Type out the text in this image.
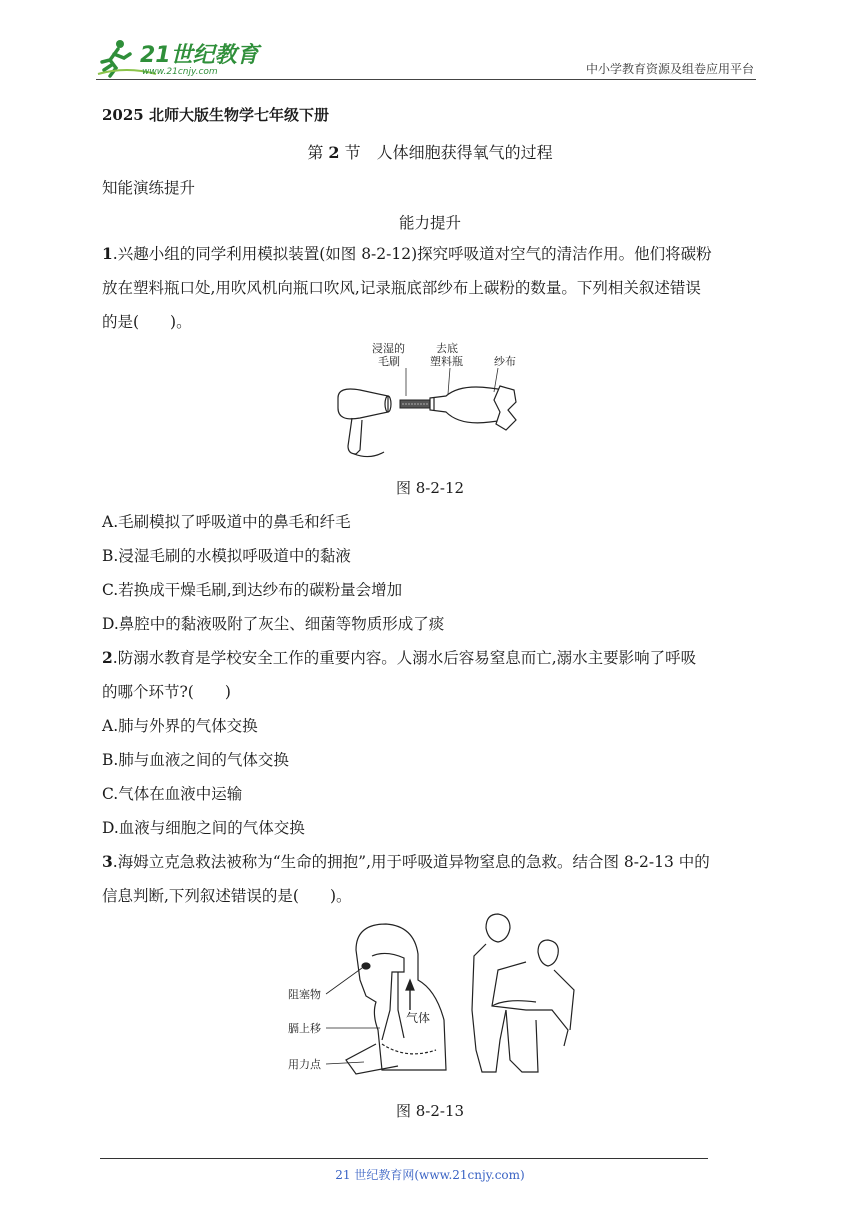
21世纪教育
www.21cnjy.com	中小学教育资源及组卷应用平台
2025 北师大版生物学七年级下册
第 2 节　人体细胞获得氧气的过程
知能演练提升
能力提升
1.兴趣小组的同学利用模拟装置(如图 8-2-12)探究呼吸道对空气的清洁作用。他们将碳粉
放在塑料瓶口处,用吹风机向瓶口吹风,记录瓶底部纱布上碳粉的数量。下列相关叙述错误
的是(　　)。
浸湿的
毛刷
去底
塑料瓶	纱布
图 8-2-12
A.毛刷模拟了呼吸道中的鼻毛和纤毛
B.浸湿毛刷的水模拟呼吸道中的黏液
C.若换成干燥毛刷,到达纱布的碳粉量会增加
D.鼻腔中的黏液吸附了灰尘、细菌等物质形成了痰
2.防溺水教育是学校安全工作的重要内容。人溺水后容易窒息而亡,溺水主要影响了呼吸
的哪个环节?(　　)
A.肺与外界的气体交换
B.肺与血液之间的气体交换
C.气体在血液中运输
D.血液与细胞之间的气体交换
3.海姆立克急救法被称为“生命的拥抱”,用于呼吸道异物窒息的急救。结合图 8-2-13 中的
信息判断,下列叙述错误的是(　　)。
阻塞物
膈上移
用力点
气体
图 8-2-13
21 世纪教育网(www.21cnjy.com)
